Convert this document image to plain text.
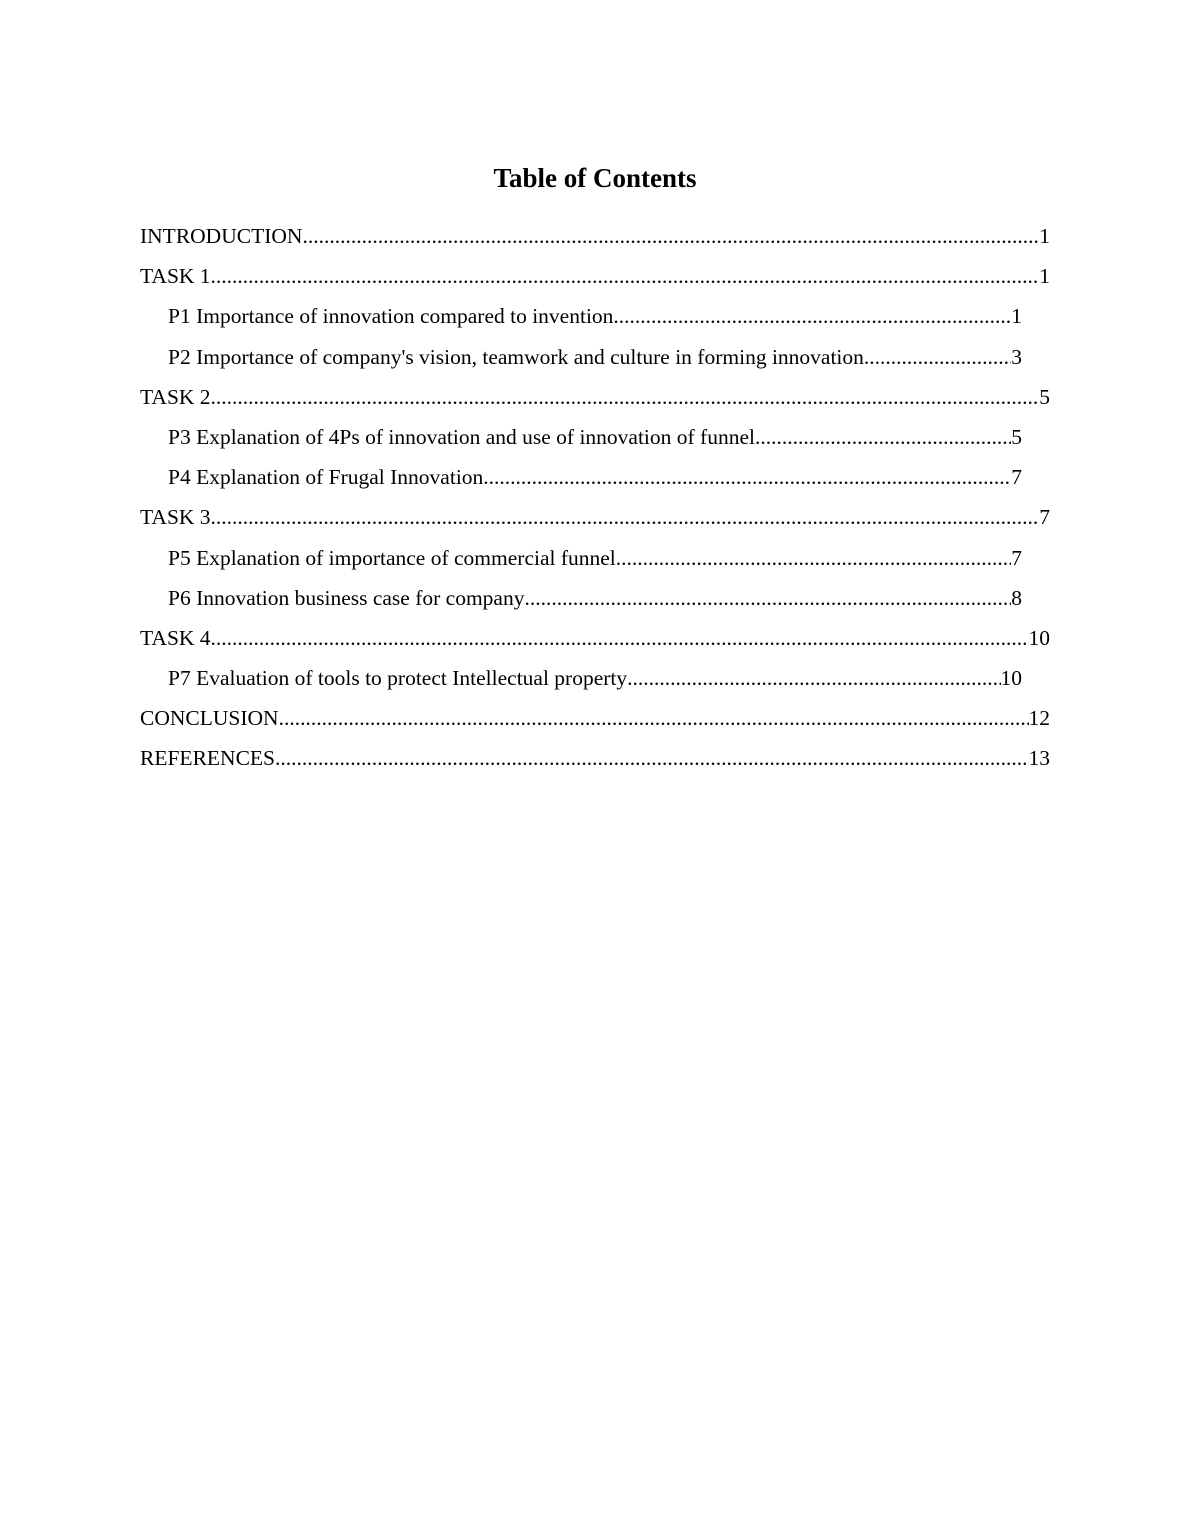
Table of Contents
INTRODUCTION .....	1
TASK 1 .....	1
P1 Importance of innovation compared to invention .....	1
P2 Importance of company's vision, teamwork and culture in forming innovation .....	3
TASK 2 .....	5
P3 Explanation of 4Ps of innovation and use of innovation of funnel .....	5
P4 Explanation of Frugal Innovation .....	7
TASK 3 .....	7
P5 Explanation of importance of commercial funnel .....	7
P6 Innovation business case for company .....	8
TASK 4 .....	10
P7 Evaluation of tools to protect Intellectual property .....	10
CONCLUSION .....	12
REFERENCES .....	13
